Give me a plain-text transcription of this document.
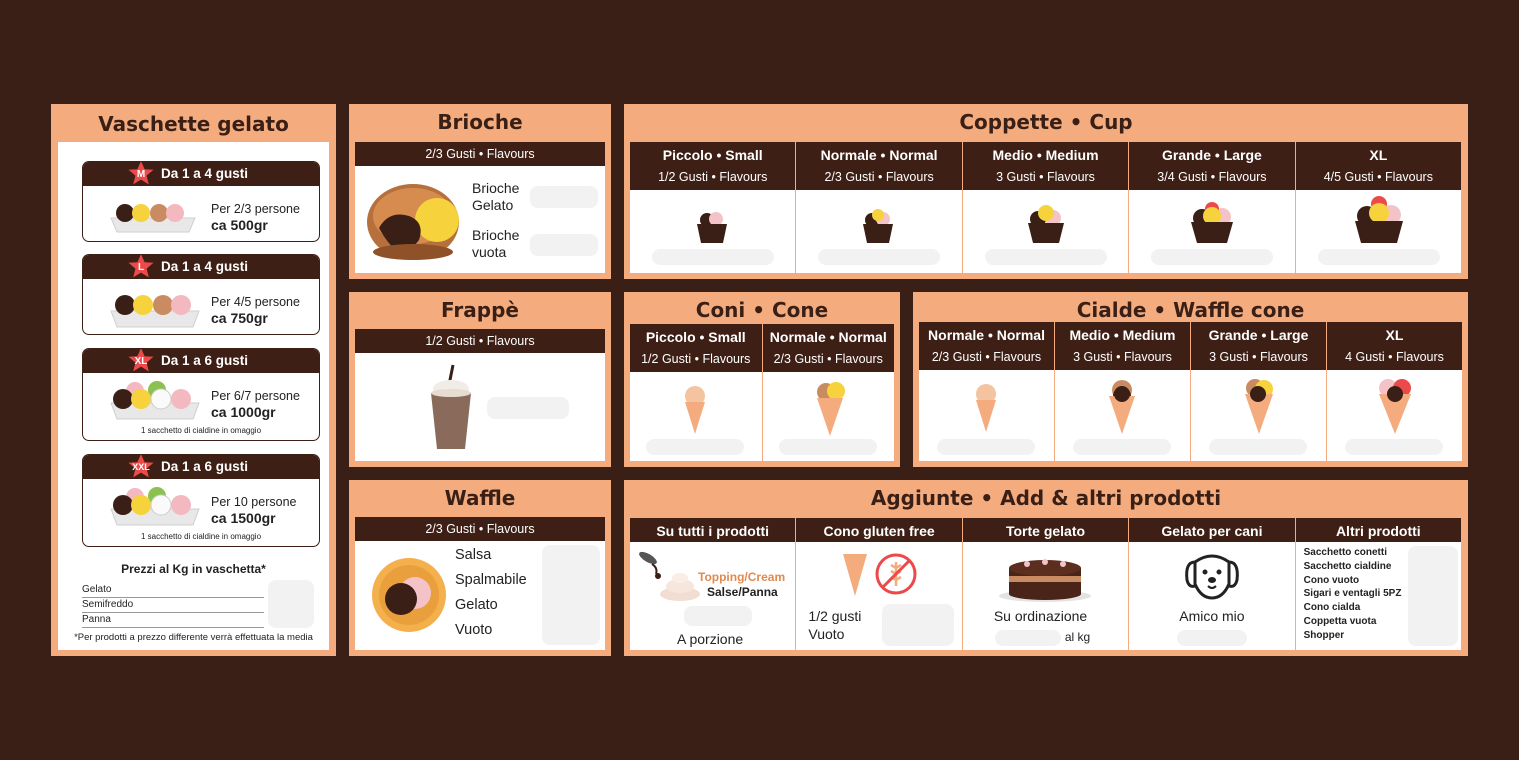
Vaschette gelato
M	Da 1 a 4 gusti
Per 2/3 persone
ca 500gr
L	Da 1 a 4 gusti
Per 4/5 persone
ca 750gr
XL	Da 1 a 6 gusti
Per 6/7 persone
ca 1000gr
1 sacchetto di cialdine in omaggio
XXL Da 1 a 6 gusti
Per 10 persone
ca 1500gr
1 sacchetto di cialdine in omaggio
Prezzi al Kg in vaschetta*
Gelato
Semifreddo
Panna
*Per prodotti a prezzo differente verrà effettuata la media
Brioche
2/3 Gusti • Flavours
Brioche
Gelato
Brioche
vuota
Frappè
1/2 Gusti • Flavours
Waffle
2/3 Gusti • Flavours
Salsa
Spalmabile
Gelato
Vuoto
Coppette • Cup
Piccolo • Small
1/2 Gusti • Flavours
Normale • Normal
2/3 Gusti • Flavours
Medio • Medium
3 Gusti • Flavours
Grande • Large
3/4 Gusti • Flavours
XL
4/5 Gusti • Flavours
Coni • Cone
Piccolo • Small
1/2 Gusti • Flavours
Normale • Normal
2/3 Gusti • Flavours
Cialde • Waffle cone
Normale • Normal
2/3 Gusti • Flavours
Medio • Medium
3 Gusti • Flavours
Grande • Large
3 Gusti • Flavours
XL
4 Gusti • Flavours
Aggiunte • Add & altri prodotti
Su tutti i prodotti
Topping/Cream
Salse/Panna
A porzione
Cono gluten free
1/2 gusti
Vuoto
Torte gelato
Su ordinazione
al kg
Gelato per cani
Amico mio
Altri prodotti
Sacchetto conetti
Sacchetto cialdine
Cono vuoto
Sigari e ventagli 5PZ
Cono cialda
Coppetta vuota
Shopper
